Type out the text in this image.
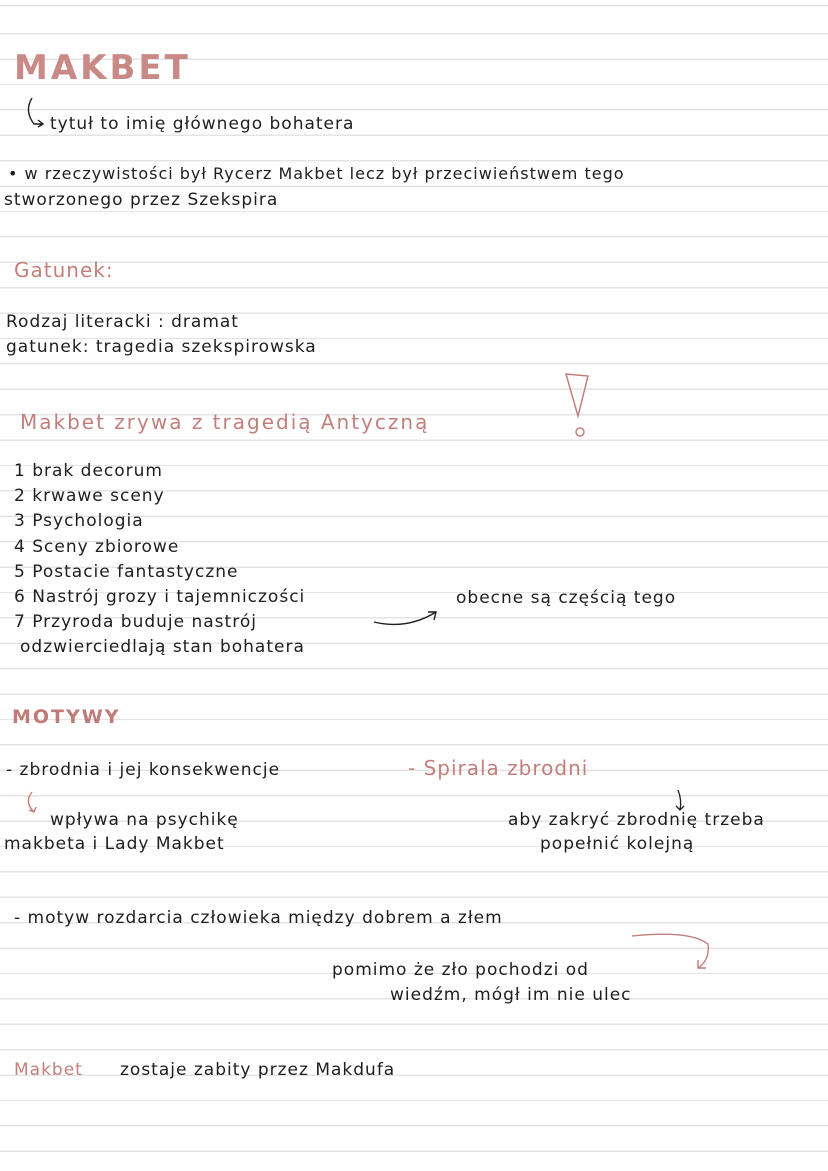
MAKBET
tytuł to imię głównego bohatera
• w rzeczywistości był Rycerz Makbet lecz był przeciwieństwem tego
stworzonego przez Szekspira
Gatunek:
Rodzaj literacki : dramat
gatunek: tragedia szekspirowska
Makbet zrywa z tragedią Antyczną
1 brak decorum
2 krwawe sceny
3 Psychologia
4 Sceny zbiorowe
5 Postacie fantastyczne
6 Nastrój grozy i tajemniczości
7 Przyroda buduje nastrój
odzwierciedlają stan bohatera
obecne są częścią tego
MOTYWY
- zbrodnia i jej konsekwencje	- Spirala zbrodni
wpływa na psychikę
makbeta i Lady Makbet
aby zakryć zbrodnię trzeba
popełnić kolejną
- motyw rozdarcia człowieka między dobrem a złem
pomimo że zło pochodzi od
wiedźm, mógł im nie ulec
Makbet zostaje zabity przez Makdufa
